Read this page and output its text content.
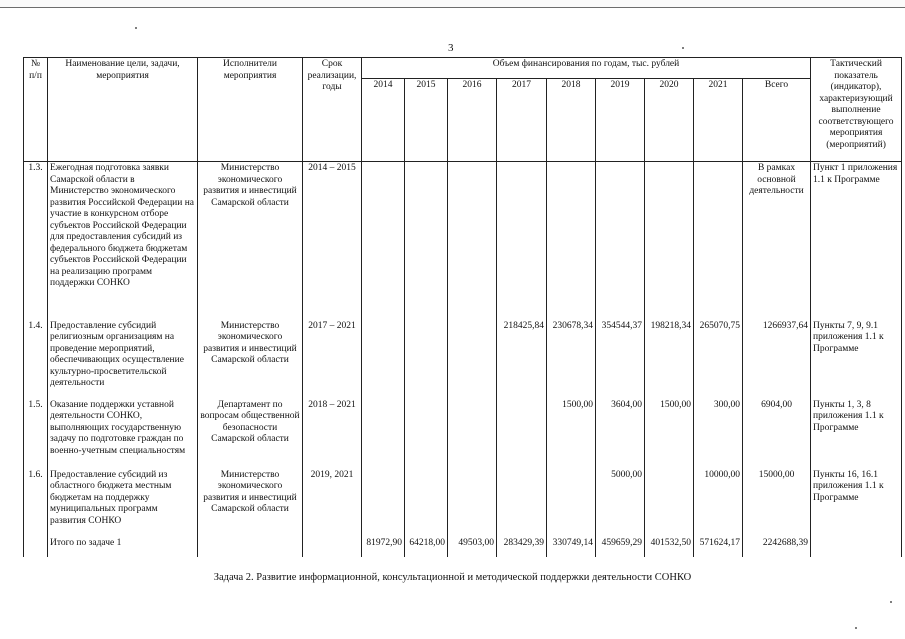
3
№ п/п	Наименование цели, задачи, мероприятия	Исполнители мероприятия	Срок реализации, годы	Объем финансирования по годам, тыс. рублей									Тактический показатель (индикатор), характеризующий выполнение соответствующего мероприятия (мероприятий)
				2014	2015	2016	2017	2018	2019	2020	2021	Всего	
1.3.	Ежегодная подготовка заявки Самарской области в Министерство экономического развития Российской Федерации на участие в конкурсном отборе субъектов Российской Федерации для предоставления субсидий из федерального бюджета бюджетам субъектов Российской Федерации на реализацию программ поддержки СОНКО	Министерство экономического развития и инвестиций Самарской области	2014 – 2015									В рамках основной деятельности	Пункт 1 приложения 1.1 к Программе
1.4.	Предоставление субсидий религиозным организациям на проведение мероприятий, обеспечивающих осуществление культурно-просветительской деятельности	Министерство экономического развития и инвестиций Самарской области	2017 – 2021				218425,84	230678,34	354544,37	198218,34	265070,75	1266937,64	Пункты 7, 9, 9.1 приложения 1.1 к Программе
1.5.	Оказание поддержки уставной деятельности СОНКО, выполняющих государственную задачу по подготовке граждан по военно-учетным специальностям	Департамент по вопросам общественной безопасности Самарской области	2018 – 2021					1500,00	3604,00	1500,00	300,00	6904,00	Пункты 1, 3, 8 приложения 1.1 к Программе
1.6.	Предоставление субсидий из областного бюджета местным бюджетам на поддержку муниципальных программ развития СОНКО	Министерство экономического развития и инвестиций Самарской области	2019, 2021						5000,00		10000,00	15000,00	Пункты 16, 16.1 приложения 1.1 к Программе
	Итого по задаче 1			81972,90	64218,00	49503,00	283429,39	330749,14	459659,29	401532,50	571624,17	2242688,39	
Задача 2. Развитие информационной, консультационной и методической поддержки деятельности СОНКО
